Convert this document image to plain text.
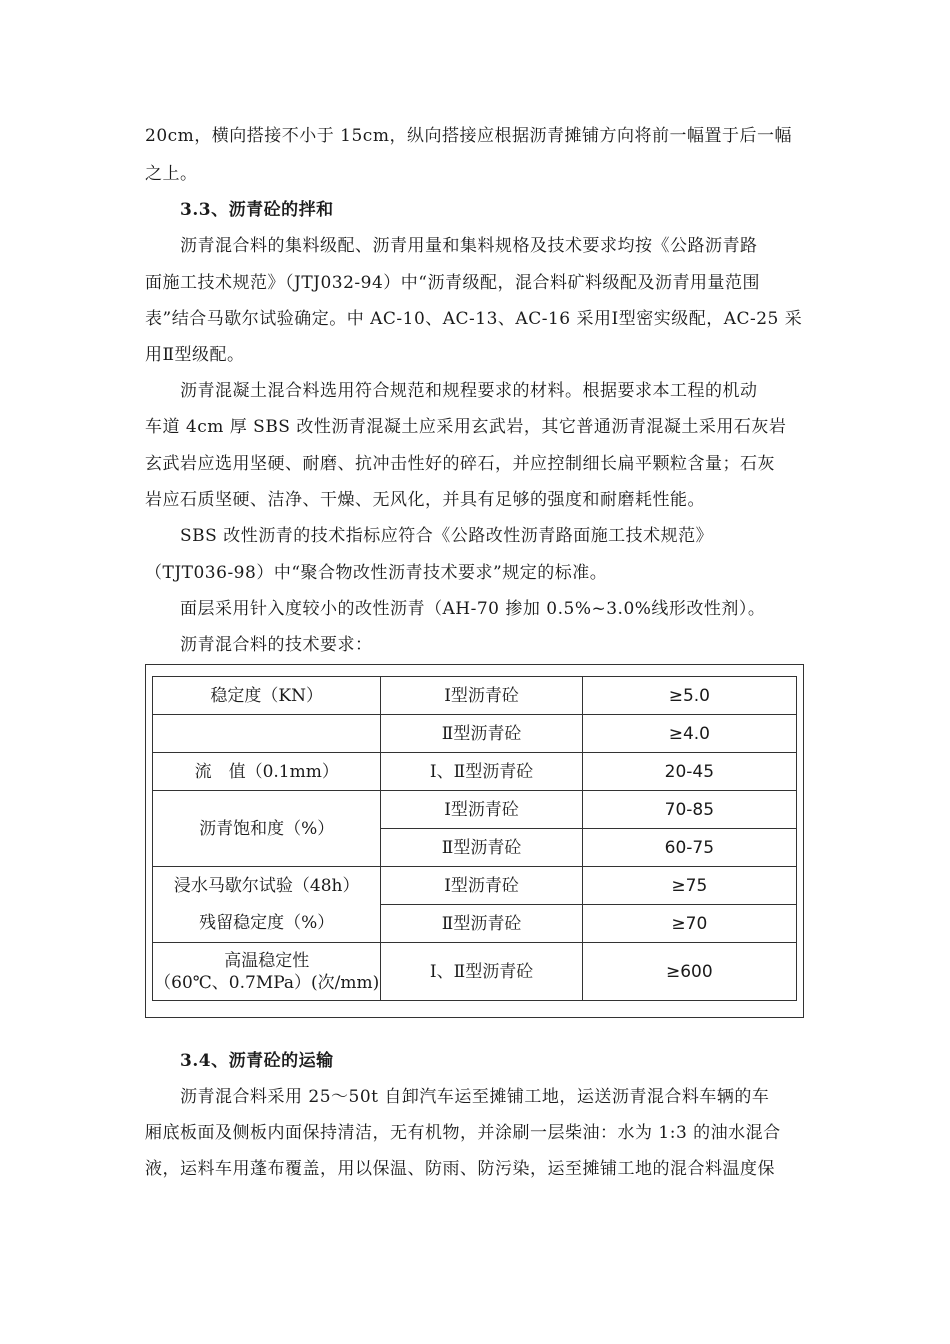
20cm，横向搭接不小于 15cm，纵向搭接应根据沥青摊铺方向将前一幅置于后一幅
之上。
3.3、沥青砼的拌和
沥青混合料的集料级配、沥青用量和集料规格及技术要求均按《公路沥青路
面施工技术规范》（JTJ032-94）中“沥青级配，混合料矿料级配及沥青用量范围
表”结合马歇尔试验确定。中 AC-10、AC-13、AC-16 采用Ⅰ型密实级配，AC-25 采
用Ⅱ型级配。
沥青混凝土混合料选用符合规范和规程要求的材料。根据要求本工程的机动
车道 4cm 厚 SBS 改性沥青混凝土应采用玄武岩，其它普通沥青混凝土采用石灰岩
玄武岩应选用坚硬、耐磨、抗冲击性好的碎石，并应控制细长扁平颗粒含量；石灰
岩应石质坚硬、洁净、干燥、无风化，并具有足够的强度和耐磨耗性能。
SBS 改性沥青的技术指标应符合《公路改性沥青路面施工技术规范》
（TJT036-98）中“聚合物改性沥青技术要求”规定的标准。
面层采用针入度较小的改性沥青（AH-70 掺加 0.5%~3.0%线形改性剂）。
沥青混合料的技术要求：
稳定度（KN）	Ⅰ型沥青砼	≥5.0
	Ⅱ型沥青砼	≥4.0
流　值（0.1mm）	Ⅰ、Ⅱ型沥青砼	20-45
沥青饱和度（%）	Ⅰ型沥青砼	70-85
	Ⅱ型沥青砼	60-75
浸水马歇尔试验（48h）	Ⅰ型沥青砼	≥75
残留稳定度（%）	Ⅱ型沥青砼	≥70

高温稳定性
（60℃、0.7MPa）(次/mm)	Ⅰ、Ⅱ型沥青砼	≥600
3.4、沥青砼的运输
沥青混合料采用 25～50t 自卸汽车运至摊铺工地，运送沥青混合料车辆的车
厢底板面及侧板内面保持清洁，无有机物，并涂刷一层柴油：水为 1:3 的油水混合
液，运料车用蓬布覆盖，用以保温、防雨、防污染，运至摊铺工地的混合料温度保
